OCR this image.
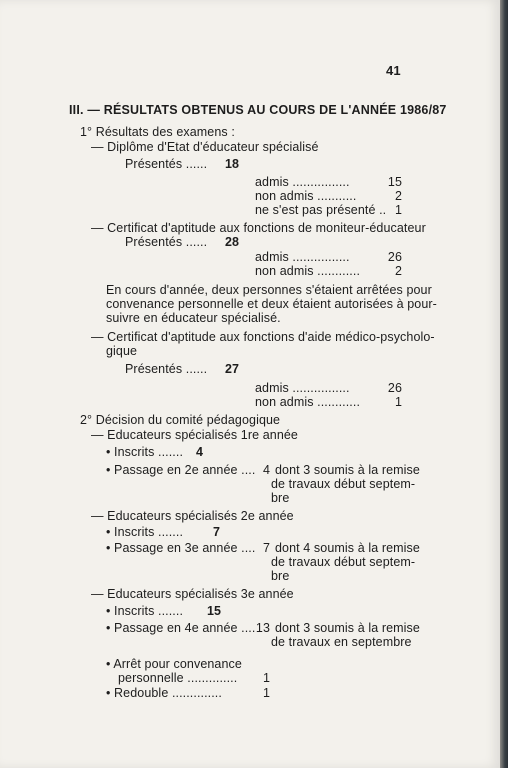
41
III. — RÉSULTATS OBTENUS AU COURS DE L'ANNÉE 1986/87
1° Résultats des examens :
— Diplôme d'Etat d'éducateur spécialisé
Présentés ...... 18
admis ................	15
non admis ...........	2
ne s'est pas présenté .. 1
— Certificat d'aptitude aux fonctions de moniteur-éducateur
Présentés ...... 28
admis ................	26
non admis ............	2
En cours d'année, deux personnes s'étaient arrêtées pour
convenance personnelle et deux étaient autorisées à pour-
suivre en éducateur spécialisé.
— Certificat d'aptitude aux fonctions d'aide médico-psycholo-
gique
Présentés ...... 27
admis ................	26
non admis ............	1
2° Décision du comité pédagogique
— Educateurs spécialisés 1re année
• Inscrits ....... 4
• Passage en 2e année .... 4 dont 3 soumis à la remise
de travaux début septem-
bre
— Educateurs spécialisés 2e année
• Inscrits ....... 7
• Passage en 3e année .... 7 dont 4 soumis à la remise
de travaux début septem-
bre
— Educateurs spécialisés 3e année
• Inscrits ....... 15
• Passage en 4e année .... 13 dont 3 soumis à la remise
de travaux en septembre
• Arrêt pour convenance
personnelle ..............	1
• Redouble ..............	1
